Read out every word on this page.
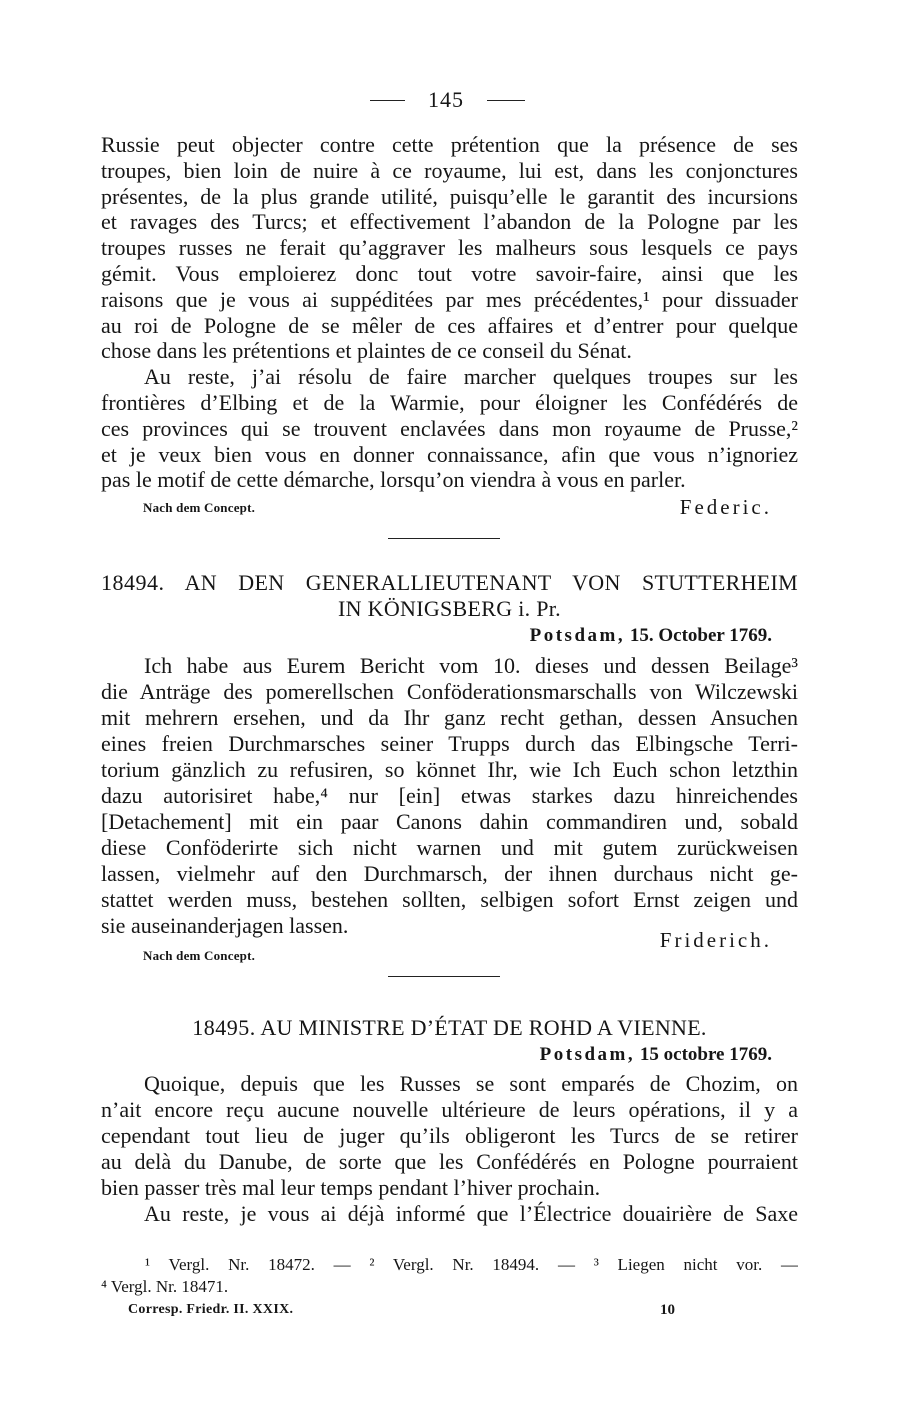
145
Russie peut objecter contre cette prétention que la présence de ses
troupes, bien loin de nuire à ce royaume, lui est, dans les conjonctures
présentes, de la plus grande utilité, puisqu’elle le garantit des incursions
et ravages des Turcs; et effectivement l’abandon de la Pologne par les
troupes russes ne ferait qu’aggraver les malheurs sous lesquels ce pays
gémit. Vous emploierez donc tout votre savoir-faire, ainsi que les
raisons que je vous ai suppéditées par mes précédentes,¹ pour dissuader
au roi de Pologne de se mêler de ces affaires et d’entrer pour quelque
chose dans les prétentions et plaintes de ce conseil du Sénat.
Au reste, j’ai résolu de faire marcher quelques troupes sur les
frontières d’Elbing et de la Warmie, pour éloigner les Confédérés de
ces provinces qui se trouvent enclavées dans mon royaume de Prusse,²
et je veux bien vous en donner connaissance, afin que vous n’ignoriez
pas le motif de cette démarche, lorsqu’on viendra à vous en parler.
Nach dem Concept.	Federic.
18494. AN DEN GENERALLIEUTENANT VON STUTTERHEIM
IN KÖNIGSBERG i. Pr.
Potsdam, 15. October 1769.
Ich habe aus Eurem Bericht vom 10. dieses und dessen Beilage³
die Anträge des pomerellschen Conföderationsmarschalls von Wilczewski
mit mehrern ersehen, und da Ihr ganz recht gethan, dessen Ansuchen
eines freien Durchmarsches seiner Trupps durch das Elbingsche Terri-
torium gänzlich zu refusiren, so könnet Ihr, wie Ich Euch schon letzthin
dazu autorisiret habe,⁴ nur [ein] etwas starkes dazu hinreichendes
[Detachement] mit ein paar Canons dahin commandiren und, sobald
diese Conföderirte sich nicht warnen und mit gutem zurückweisen
lassen, vielmehr auf den Durchmarsch, der ihnen durchaus nicht ge-
stattet werden muss, bestehen sollten, selbigen sofort Ernst zeigen und
sie auseinanderjagen lassen.
Friderich.
Nach dem Concept.
18495. AU MINISTRE D’ÉTAT DE ROHD A VIENNE.
Potsdam, 15 octobre 1769.
Quoique, depuis que les Russes se sont emparés de Chozim, on
n’ait encore reçu aucune nouvelle ultérieure de leurs opérations, il y a
cependant tout lieu de juger qu’ils obligeront les Turcs de se retirer
au delà du Danube, de sorte que les Confédérés en Pologne pourraient
bien passer très mal leur temps pendant l’hiver prochain.
Au reste, je vous ai déjà informé que l’Électrice douairière de Saxe
¹ Vergl. Nr. 18472. — ² Vergl. Nr. 18494. — ³ Liegen nicht vor. —
⁴ Vergl. Nr. 18471.
Corresp. Friedr. II. XXIX.	10
